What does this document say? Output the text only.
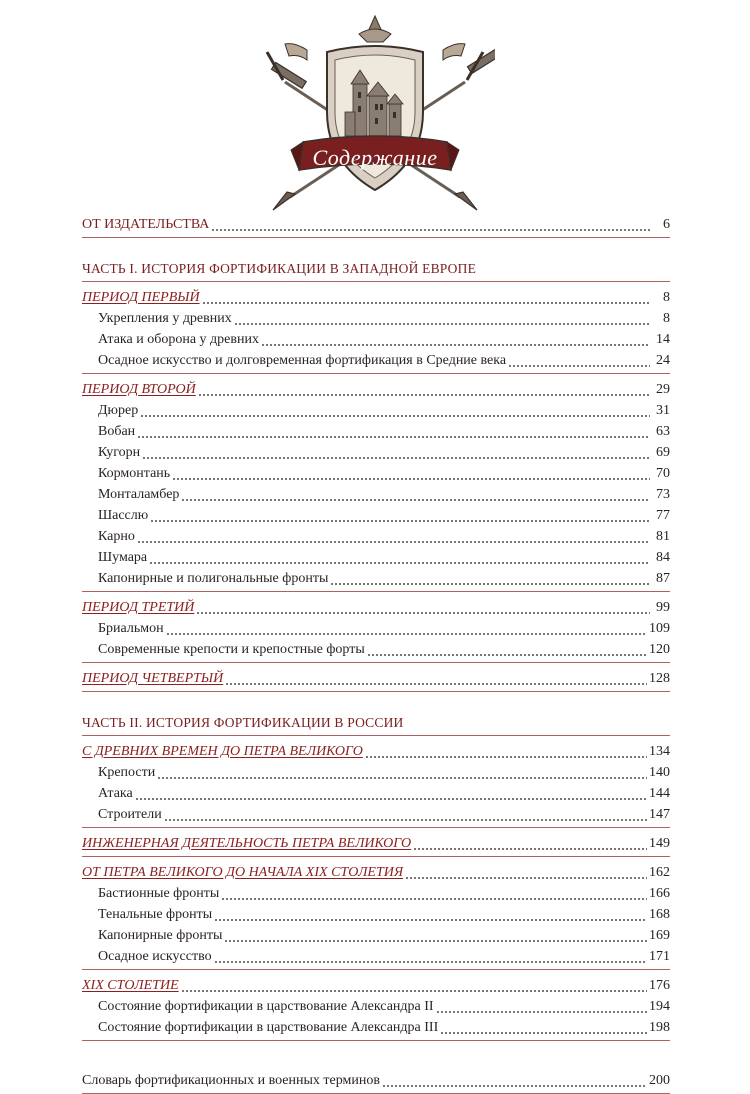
Содержание
ОТ ИЗДАТЕЛЬСТВА	6
ЧАСТЬ I. ИСТОРИЯ ФОРТИФИКАЦИИ В ЗАПАДНОЙ ЕВРОПЕ
ПЕРИОД ПЕРВЫЙ	8
Укрепления у древних	8
Атака и оборона у древних	14
Осадное искусство и долговременная фортификация в Средние века	24
ПЕРИОД ВТОРОЙ	29
Дюрер	31
Вобан	63
Кугорн	69
Кормонтань	70
Монталамбер	73
Шасслю	77
Карно	81
Шумара	84
Капонирные и полигональные фронты	87
ПЕРИОД ТРЕТИЙ	99
Бриальмон	109
Современные крепости и крепостные форты	120
ПЕРИОД ЧЕТВЕРТЫЙ	128
ЧАСТЬ II. ИСТОРИЯ ФОРТИФИКАЦИИ В РОССИИ
С ДРЕВНИХ ВРЕМЕН ДО ПЕТРА ВЕЛИКОГО	134
Крепости	140
Атака	144
Строители	147
ИНЖЕНЕРНАЯ ДЕЯТЕЛЬНОСТЬ ПЕТРА ВЕЛИКОГО	149
ОТ ПЕТРА ВЕЛИКОГО ДО НАЧАЛА XIX СТОЛЕТИЯ	162
Бастионные фронты	166
Тенальные фронты	168
Капонирные фронты	169
Осадное искусство	171
XIX СТОЛЕТИЕ	176
Состояние фортификации в царствование Александра II	194
Состояние фортификации в царствование Александра III	198
Словарь фортификационных и военных терминов	200
